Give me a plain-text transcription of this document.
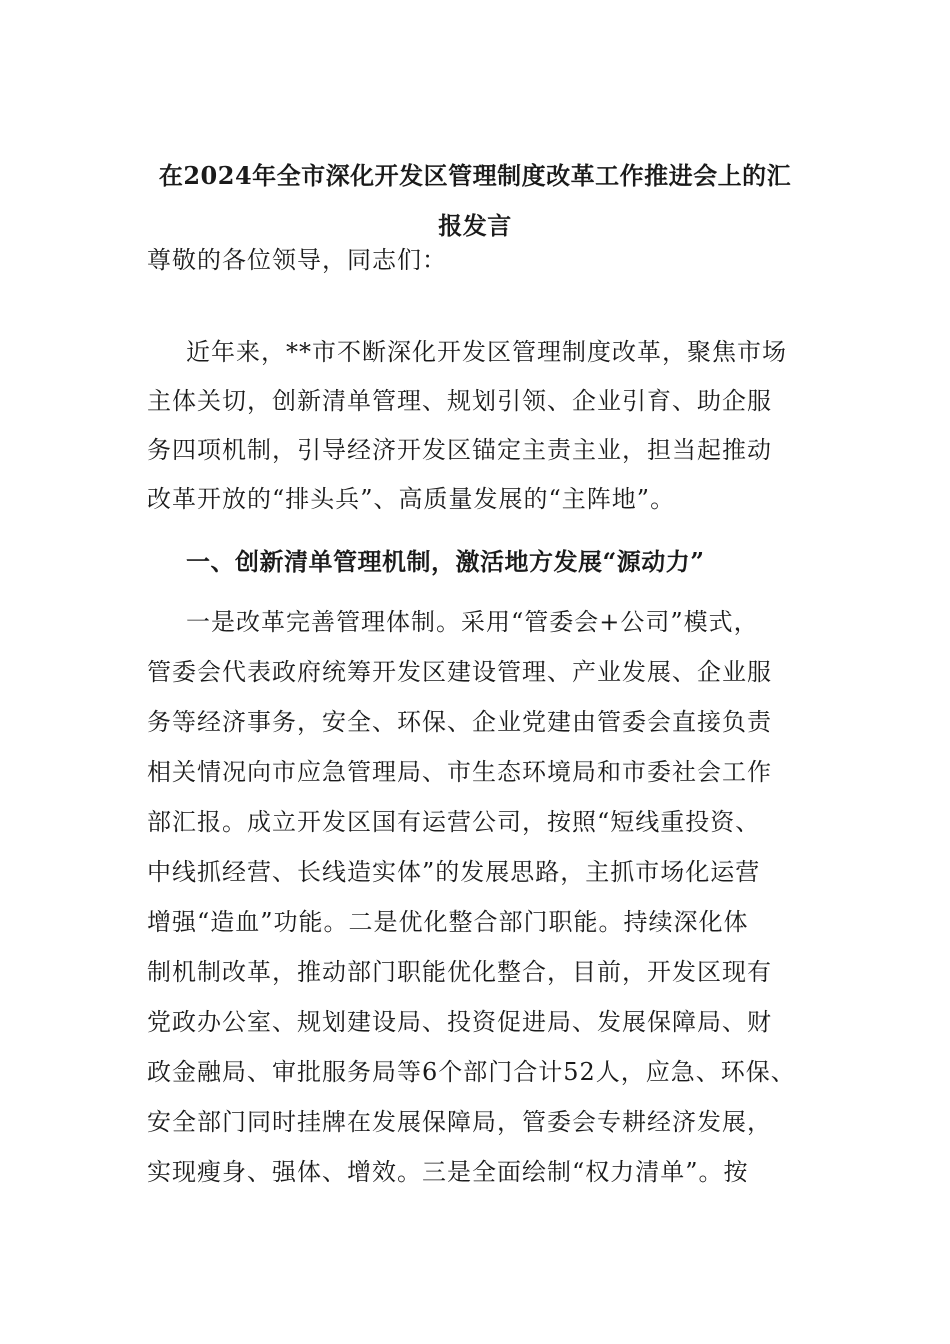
在2024年全市深化开发区管理制度改革工作推进会上的汇
报发言

尊敬的各位领导，同志们：

近年来，**市不断深化开发区管理制度改革，聚焦市场

主体关切，创新清单管理、规划引领、企业引育、助企服

务四项机制，引导经济开发区锚定主责主业，担当起推动

改革开放的“排头兵”、高质量发展的“主阵地”。

一、创新清单管理机制，激活地方发展“源动力”

一是改革完善管理体制。采用“管委会+公司”模式，

管委会代表政府统筹开发区建设管理、产业发展、企业服

务等经济事务，安全、环保、企业党建由管委会直接负责

相关情况向市应急管理局、市生态环境局和市委社会工作

部汇报。成立开发区国有运营公司，按照“短线重投资、

中线抓经营、长线造实体”的发展思路，主抓市场化运营

增强“造血”功能。二是优化整合部门职能。持续深化体

制机制改革，推动部门职能优化整合，目前，开发区现有

党政办公室、规划建设局、投资促进局、发展保障局、财

政金融局、审批服务局等6个部门合计52人，应急、环保、

安全部门同时挂牌在发展保障局，管委会专耕经济发展，

实现瘦身、强体、增效。三是全面绘制“权力清单”。按
